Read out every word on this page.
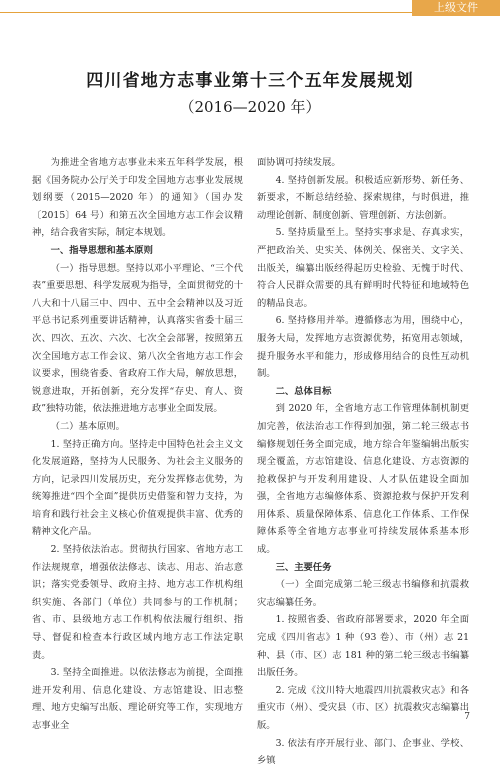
上级文件
四川省地方志事业第十三个五年发展规划
（2016—2020 年）

为推进全省地方志事业未来五年科学发展，根据《国务院办公厅关于印发全国地方志事业发展规划纲要（2015—2020 年）的通知》（国办发〔2015〕64 号）和第五次全国地方志工作会议精神，结合我省实际，制定本规划。

一、指导思想和基本原则

（一）指导思想。坚持以邓小平理论、“三个代表”重要思想、科学发展观为指导，全面贯彻党的十八大和十八届三中、四中、五中全会精神以及习近平总书记系列重要讲话精神，认真落实省委十届三次、四次、五次、六次、七次全会部署，按照第五次全国地方志工作会议、第八次全省地方志工作会议要求，围绕省委、省政府工作大局，解放思想，锐意进取，开拓创新，充分发挥“存史、育人、资政”独特功能，依法推进地方志事业全面发展。

（二）基本原则。

1. 坚持正确方向。坚持走中国特色社会主义文化发展道路，坚持为人民服务、为社会主义服务的方向，记录四川发展历史，充分发挥修志优势，为统筹推进“四个全面”提供历史借鉴和智力支持，为培育和践行社会主义核心价值观提供丰富、优秀的精神文化产品。

2. 坚持依法治志。贯彻执行国家、省地方志工作法规规章，增强依法修志、读志、用志、治志意识；落实党委领导、政府主持、地方志工作机构组织实施、各部门（单位）共同参与的工作机制；省、市、县级地方志工作机构依法履行组织、指导、督促和检查本行政区域内地方志工作法定职责。

3. 坚持全面推进。以依法修志为前提，全面推进开发利用、信息化建设、方志馆建设、旧志整理、地方史编写出版、理论研究等工作，实现地方志事业全

面协调可持续发展。

4. 坚持创新发展。积极适应新形势、新任务、新要求，不断总结经验、探索规律，与时俱进，推动理论创新、制度创新、管理创新、方法创新。

5. 坚持质量至上。坚持实事求是、存真求实，严把政治关、史实关、体例关、保密关、文字关、出版关，编纂出版经得起历史检验、无愧于时代、符合人民群众需要的具有鲜明时代特征和地域特色的精品良志。

6. 坚持修用并举。遵循修志为用，围绕中心，服务大局，发挥地方志资源优势，拓宽用志领域，提升服务水平和能力，形成修用结合的良性互动机制。

二、总体目标

到 2020 年，全省地方志工作管理体制机制更加完善，依法治志工作得到加强，第二轮三级志书编修规划任务全面完成，地方综合年鉴编辑出版实现全覆盖，方志馆建设、信息化建设、方志资源的抢救保护与开发利用建设、人才队伍建设全面加强，全省地方志编修体系、资源抢救与保护开发利用体系、质量保障体系、信息化工作体系、工作保障体系等全省地方志事业可持续发展体系基本形成。

三、主要任务
（一）全面完成第二轮三级志书编修和抗震救灾志编纂任务。

1. 按照省委、省政府部署要求，2020 年全面完成《四川省志》1 种（93 卷）、市（州）志 21 种、县（市、区）志 181 种的第二轮三级志书编纂出版任务。

2. 完成《汶川特大地震四川抗震救灾志》和各重灾市（州）、受灾县（市、区）抗震救灾志编纂出版。

3. 依法有序开展行业、部门、企事业、学校、乡镇

7
